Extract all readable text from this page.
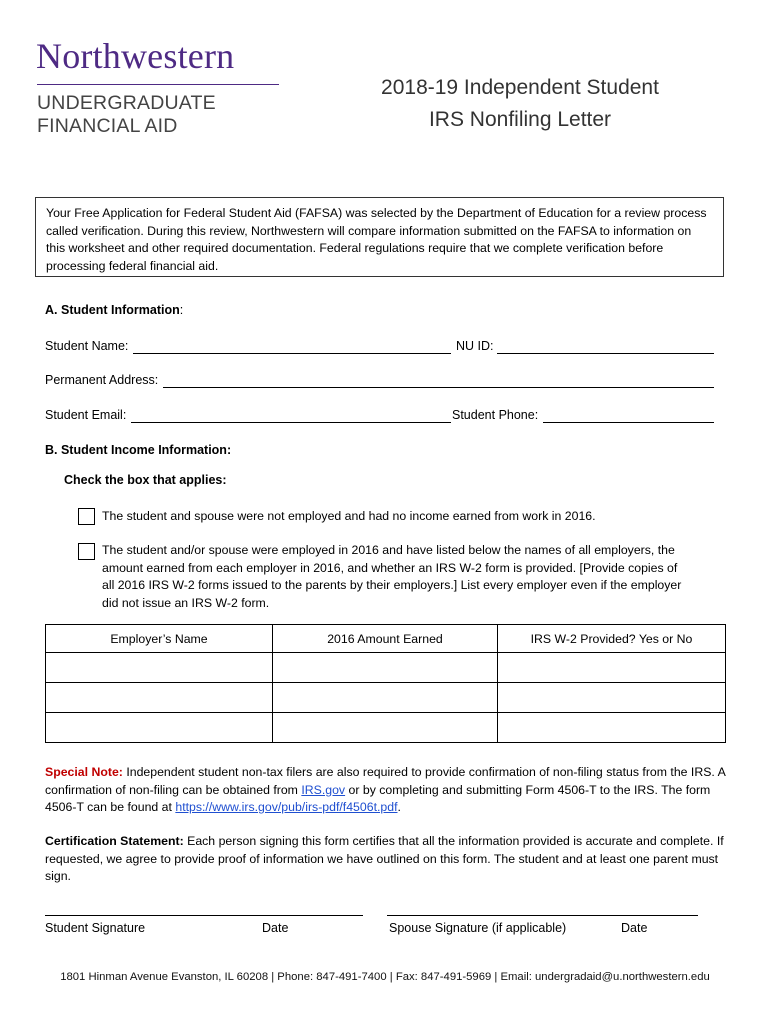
Northwestern
UNDERGRADUATE
FINANCIAL AID
2018-19 Independent Student
IRS Nonfiling Letter
Your Free Application for Federal Student Aid (FAFSA) was selected by the Department of Education for a review process called verification. During this review, Northwestern will compare information submitted on the FAFSA to information on this worksheet and other required documentation. Federal regulations require that we complete verification before processing federal financial aid.
A. Student Information:
Student Name:	NU ID:
Permanent Address:
Student Email:	Student Phone:
B. Student Income Information:
Check the box that applies:
The student and spouse were not employed and had no income earned from work in 2016.
The student and/or spouse were employed in 2016 and have listed below the names of all employers, the amount earned from each employer in 2016, and whether an IRS W-2 form is provided. [Provide copies of all 2016 IRS W-2 forms issued to the parents by their employers.] List every employer even if the employer did not issue an IRS W-2 form.
Employer’s Name	2016 Amount Earned	IRS W-2 Provided? Yes or No

Special Note: Independent student non-tax filers are also required to provide confirmation of non-filing status from the IRS. A confirmation of non-filing can be obtained from IRS.gov or by completing and submitting Form 4506-T to the IRS. The form 4506-T can be found at https://www.irs.gov/pub/irs-pdf/f4506t.pdf.
Certification Statement: Each person signing this form certifies that all the information provided is accurate and complete. If requested, we agree to provide proof of information we have outlined on this form. The student and at least one parent must sign.
Student Signature	Date	Spouse Signature (if applicable)	Date
1801 Hinman Avenue Evanston, IL 60208 | Phone: 847-491-7400 | Fax: 847-491-5969 | Email: undergradaid@u.northwestern.edu
